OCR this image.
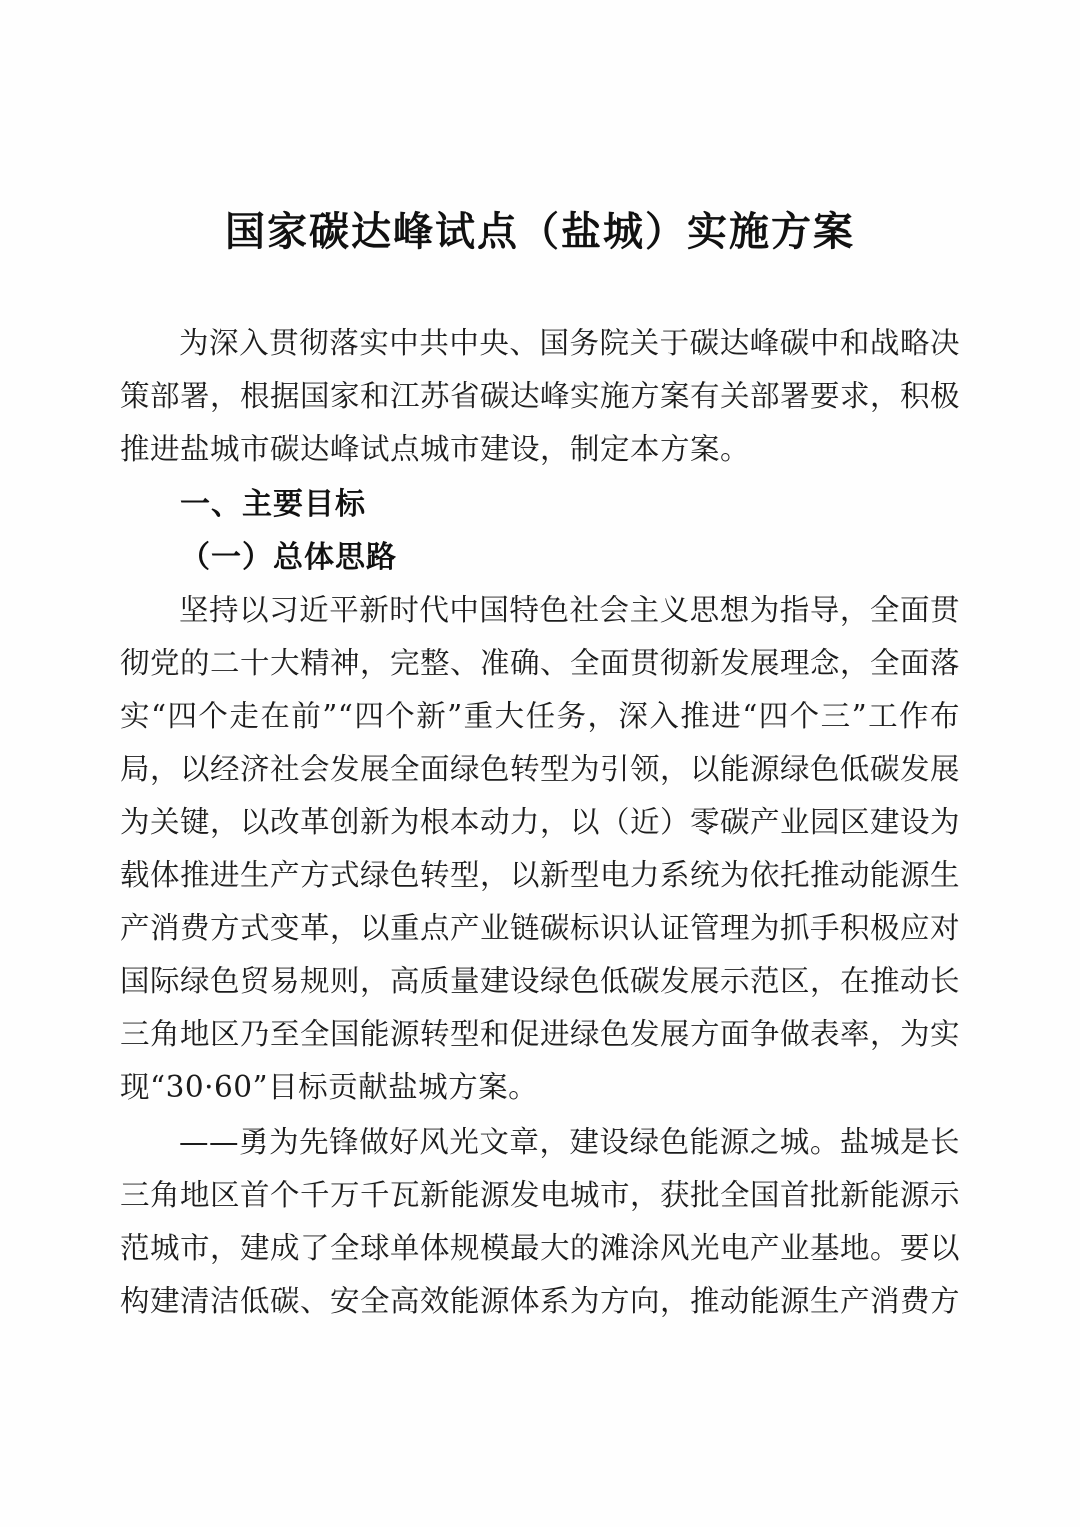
国家碳达峰试点（盐城）实施方案

为深入贯彻落实中共中央、国务院关于碳达峰碳中和战略决策部署，根据国家和江苏省碳达峰实施方案有关部署要求，积极推进盐城市碳达峰试点城市建设，制定本方案。

一、主要目标

（一）总体思路

坚持以习近平新时代中国特色社会主义思想为指导，全面贯彻党的二十大精神，完整、准确、全面贯彻新发展理念，全面落实“四个走在前”“四个新”重大任务，深入推进“四个三”工作布局，以经济社会发展全面绿色转型为引领，以能源绿色低碳发展为关键，以改革创新为根本动力，以（近）零碳产业园区建设为载体推进生产方式绿色转型，以新型电力系统为依托推动能源生产消费方式变革，以重点产业链碳标识认证管理为抓手积极应对国际绿色贸易规则，高质量建设绿色低碳发展示范区，在推动长三角地区乃至全国能源转型和促进绿色发展方面争做表率，为实现“30·60”目标贡献盐城方案。

——勇为先锋做好风光文章，建设绿色能源之城。盐城是长三角地区首个千万千瓦新能源发电城市，获批全国首批新能源示范城市，建成了全球单体规模最大的滩涂风光电产业基地。要以构建清洁低碳、安全高效能源体系为方向，推动能源生产消费方
